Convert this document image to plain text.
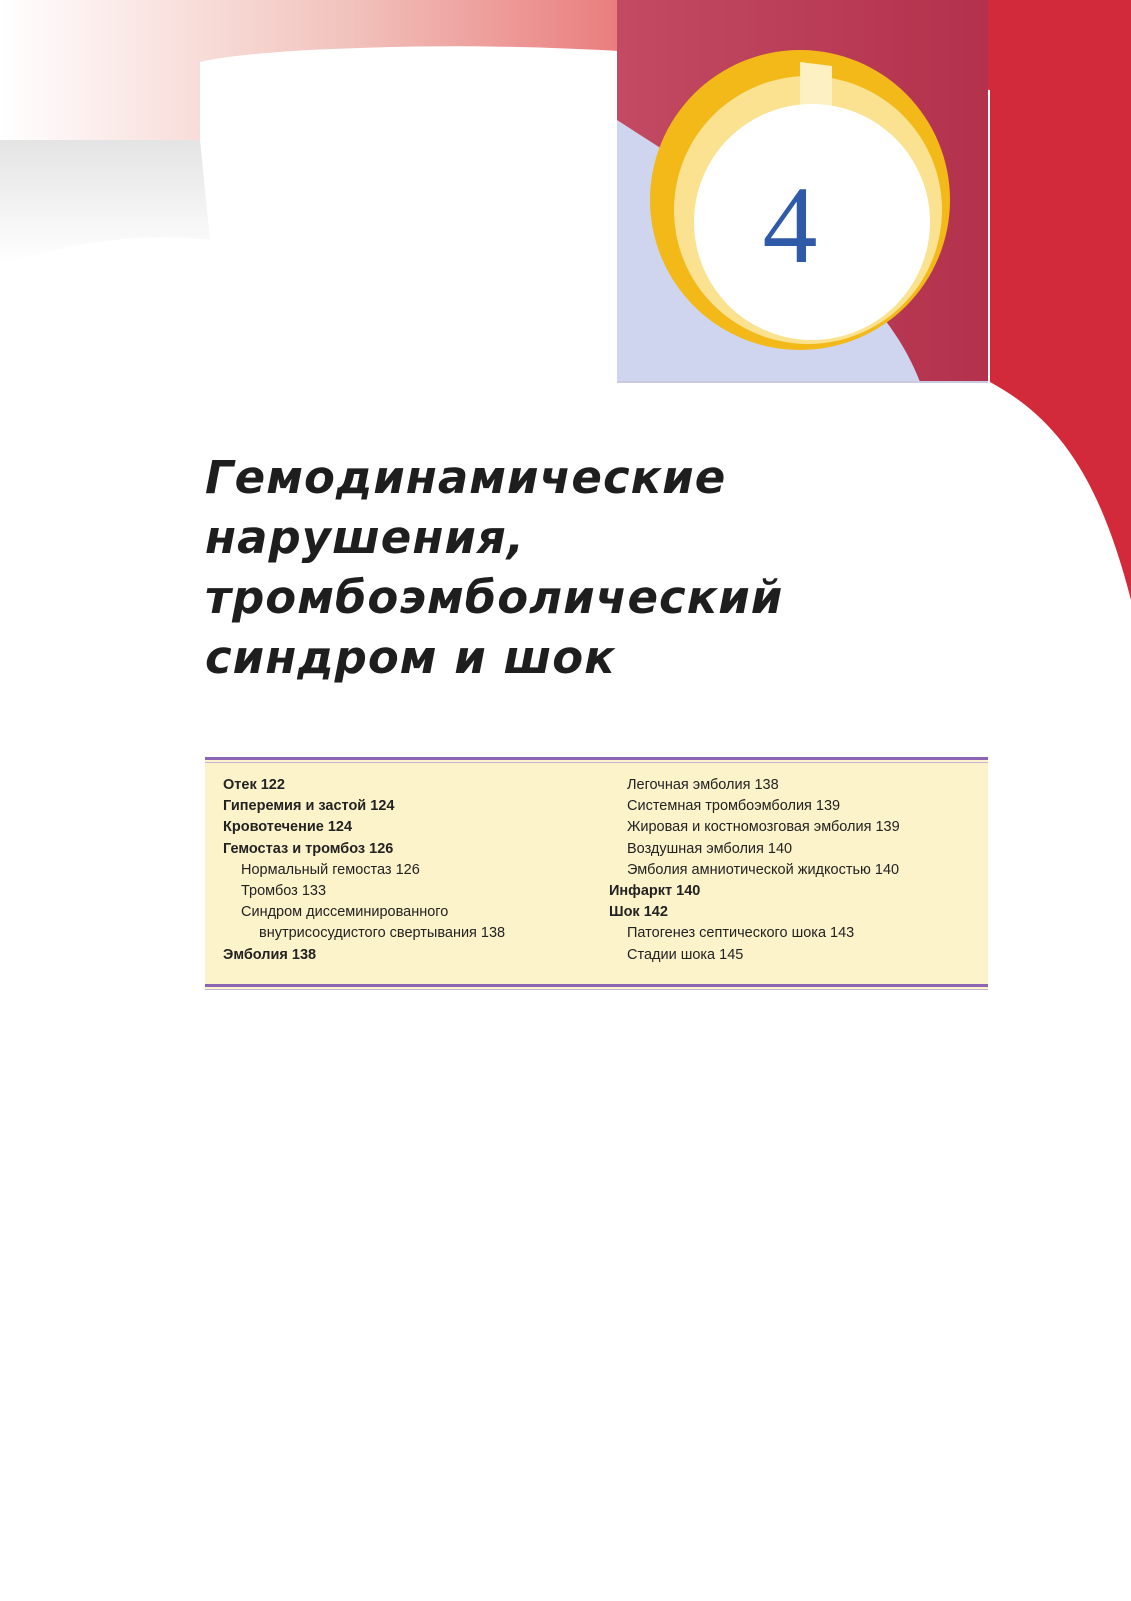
4
Гемодинамические
нарушения,
тромбоэмболический
синдром и шок
Отек 122
Гиперемия и застой 124
Кровотечение 124
Гемостаз и тромбоз 126
Нормальный гемостаз 126
Тромбоз 133
Синдром диссеминированного
внутрисосудистого свертывания 138
Эмболия 138
Легочная эмболия 138
Системная тромбоэмболия 139
Жировая и костномозговая эмболия 139
Воздушная эмболия 140
Эмболия амниотической жидкостью 140
Инфаркт 140
Шок 142
Патогенез септического шока 143
Стадии шока 145
